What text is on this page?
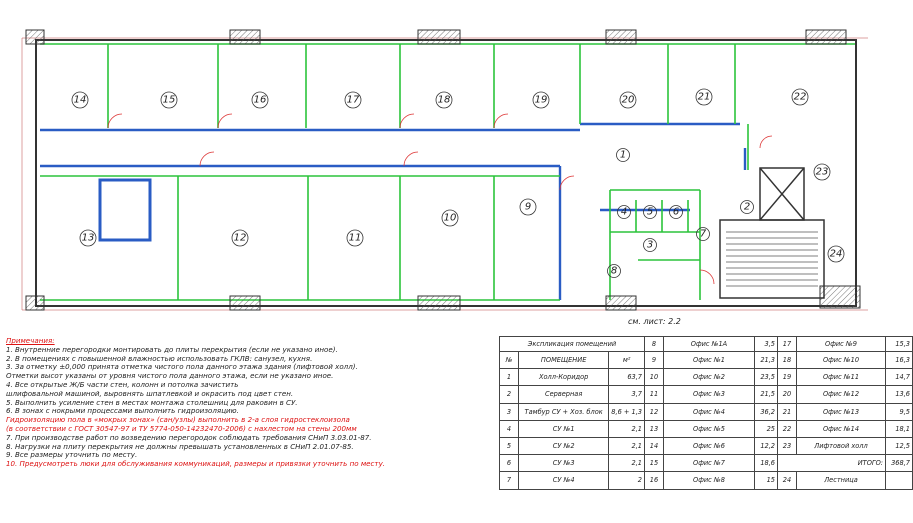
1
2
3
4 5 6
7
8
9
10
11
12
13
14	15	16	17	18	19	20	21	22
23
24
см. лист: 2.2
Примечания:
1. Внутренние перегородки монтировать до плиты перекрытия (если не указано иное).
2. В помещениях с повышенной влажностью использовать ГКЛВ: санузел, кухня.
3. За отметку ±0,000 принята отметка чистого пола данного этажа здания (лифтовой холл).
Отметки высот указаны от уровня чистого пола данного этажа, если не указано иное.
4. Все открытые Ж/Б части стен, колонн и потолка зачистить
шлифовальной машиной, выровнять шпатлевкой и окрасить под цвет стен.
5. Выполнить усиление стен в местах монтажа столешниц для раковин в СУ.
6. В зонах с нокрыми процессами выполнить гидроизоляцию.
Гидроизоляцию пола в «мокрых зонах» (сан/узлы) выполнить в 2-а слоя гидростеклоизола
(в соответствии с ГОСТ 30547-97 и ТУ 5774-050-14232470-2006) с нахлестом на стены 200мм
7. При производстве работ по возведению перегородок соблюдать требования СНиП 3.03.01-87.
8. Нагрузки на плиту перекрытия не должны превышать установленных в СНиП 2.01.07-85.
9. Все размеры уточнить по месту.
10. Предусмотреть люки для обслуживания коммуникаций, размеры и привязки уточнить по месту.
Экспликация помещений			8	Офис №1А	3,5	17	Офис №9	15,3
№	ПОМЕЩЕНИЕ	м²	9	Офис №1	21,3	18	Офис №10	16,3
1	Холл-Коридор	63,7	10	Офис №2	23,5	19	Офис №11	14,7
2	Серверная	3,7	11	Офис №3	21,5	20	Офис №12	13,6
3	Тамбур СУ + Хоз. блок	8,6 + 1,3	12	Офис №4	36,2	21	Офис №13	9,5
4	СУ №1	2,1	13	Офис №5	25	22	Офис №14	18,1
5	СУ №2	2,1	14	Офис №6	12,2	23	Лифтовой холл	12,5
6	СУ №3	2,1	15	Офис №7	18,6	ИТОГО:		368,7
7	СУ №4	2	16	Офис №8	15	24	Лестница	
